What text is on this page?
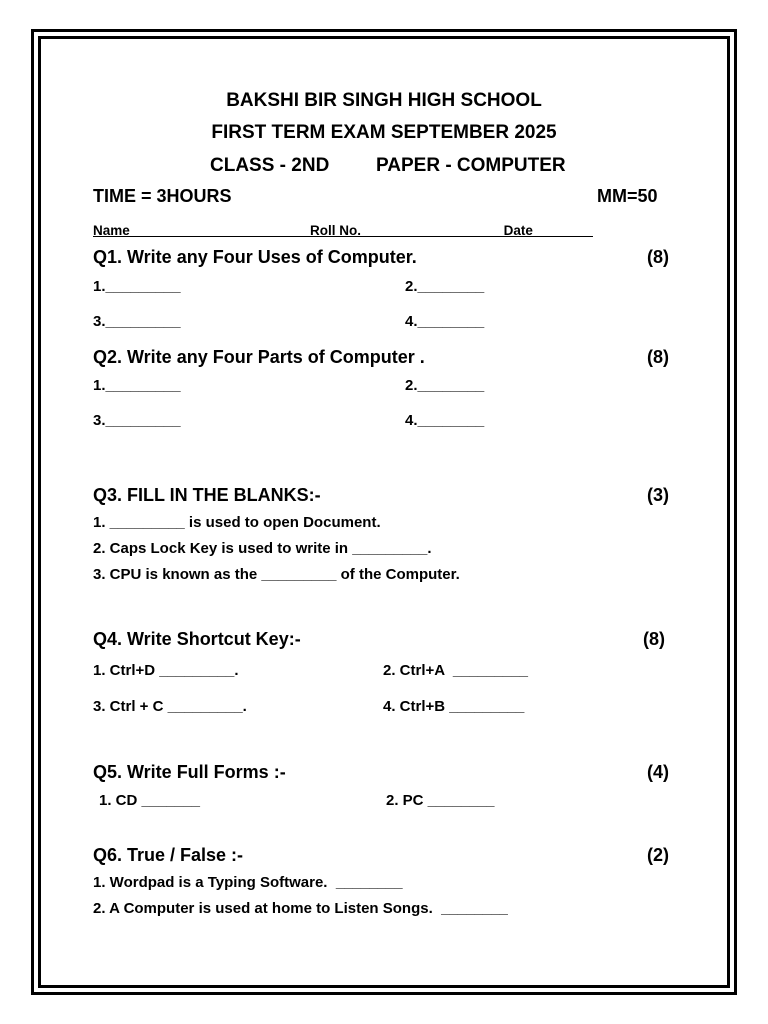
BAKSHI BIR SINGH HIGH SCHOOL
FIRST TERM EXAM SEPTEMBER 2025
CLASS - 2ND PAPER - COMPUTER
TIME = 3HOURS	MM=50
Name________________________Roll No.___________________Date________
Q1. Write any Four Uses of Computer.	(8)
1._________	2.________
3._________	4.________
Q2. Write any Four Parts of Computer .	(8)
1._________	2.________
3._________	4.________
Q3. FILL IN THE BLANKS:-	(3)
1. _________ is used to open Document.
2. Caps Lock Key is used to write in _________.
3. CPU is known as the _________ of the Computer.
Q4. Write Shortcut Key:-	(8)
1. Ctrl+D _________.	2. Ctrl+A  _________
3. Ctrl + C _________.	4. Ctrl+B _________
Q5. Write Full Forms :-	(4)
1. CD _______	2. PC ________
Q6. True / False :-	(2)
1. Wordpad is a Typing Software.  ________
2. A Computer is used at home to Listen Songs.  ________
